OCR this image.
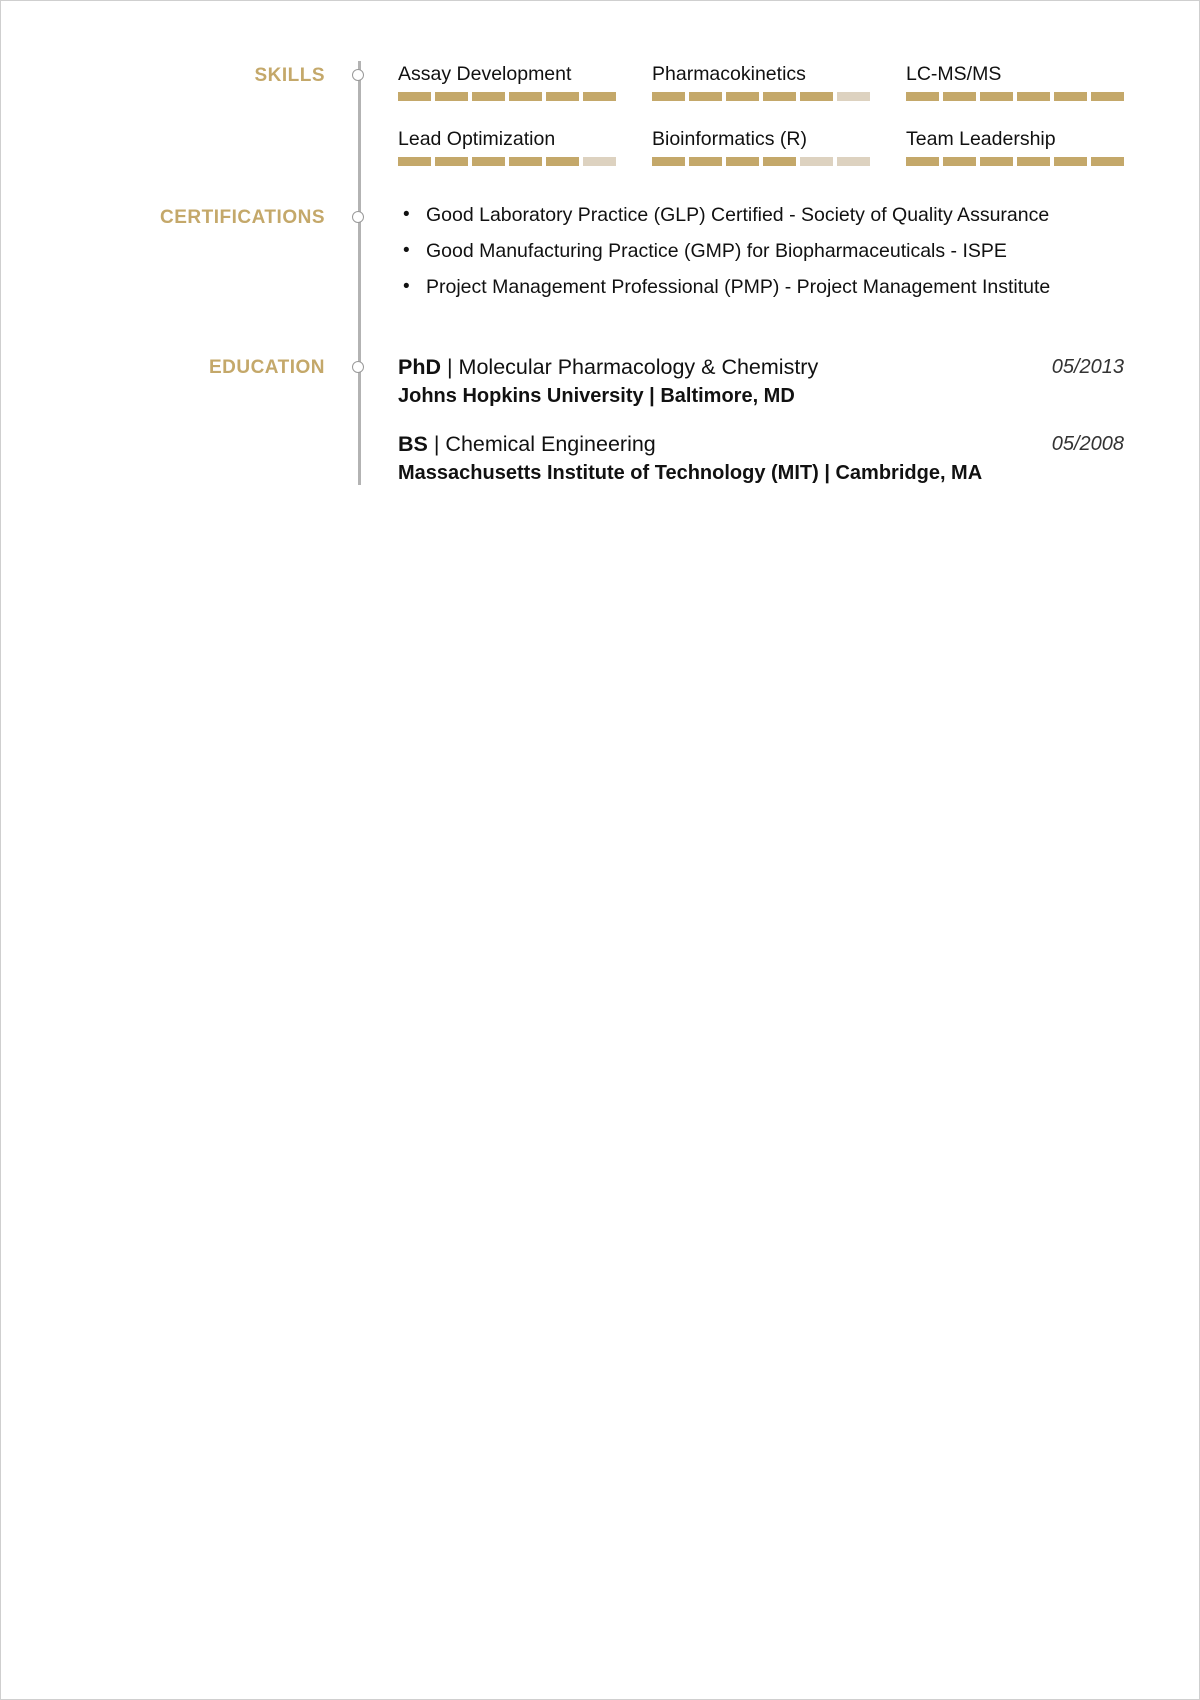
SKILLS	Assay Development	Pharmacokinetics	LC-MS/MS
Lead Optimization	Bioinformatics (R)	Team Leadership
CERTIFICATIONS	• Good Laboratory Practice (GLP) Certified - Society of Quality Assurance
• Good Manufacturing Practice (GMP) for Biopharmaceuticals - ISPE
• Project Management Professional (PMP) - Project Management Institute
EDUCATION	PhD | Molecular Pharmacology & Chemistry	05/2013
Johns Hopkins University | Baltimore, MD
BS | Chemical Engineering	05/2008
Massachusetts Institute of Technology (MIT) | Cambridge, MA
